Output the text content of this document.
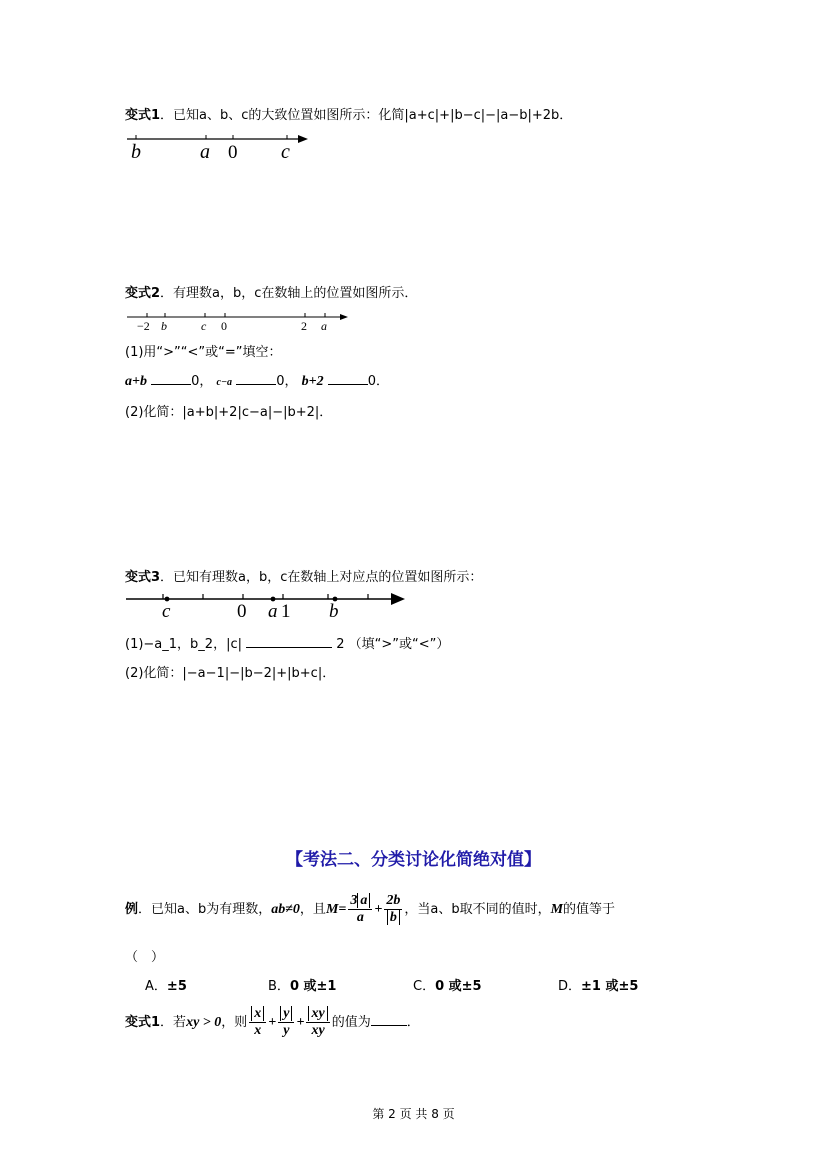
变式1．已知a、b、c的大致位置如图所示：化简|a+c|+|b−c|−|a−b|+2b．
b	a 0 c
变式2．有理数a，b，c在数轴上的位置如图所示．
−2 b	c 0	2 a
(1)用“>”“<”或“=”填空：
a+b	0， c−a	0， b+2	0．
(2)化简：|a+b|+2|c−a|−|b+2|．
变式3．已知有理数a，b，c在数轴上对应点的位置如图所示：
c	0 a 1 b
(1)−a_1，b_2，|c|	2 （填“>”或“<”）
(2)化简：|−a−1|−|b−2|+|b+c|．
【考法二、分类讨论化简绝对值】
例．已知a、b为有理数，ab≠0，且$M= \frac{3 a}{a} + \frac{2b}{b}$ ，当a、b取不同的值时，M的值等于
（　）
A．±5	B．0 或±1	C．0 或±5	D．±1 或±5
变式1．若xy > 0，则 $\frac{x}{x} + \frac{y}{y} + \frac{xy}{xy}$ 的值为	．
第 2 页 共 8 页
